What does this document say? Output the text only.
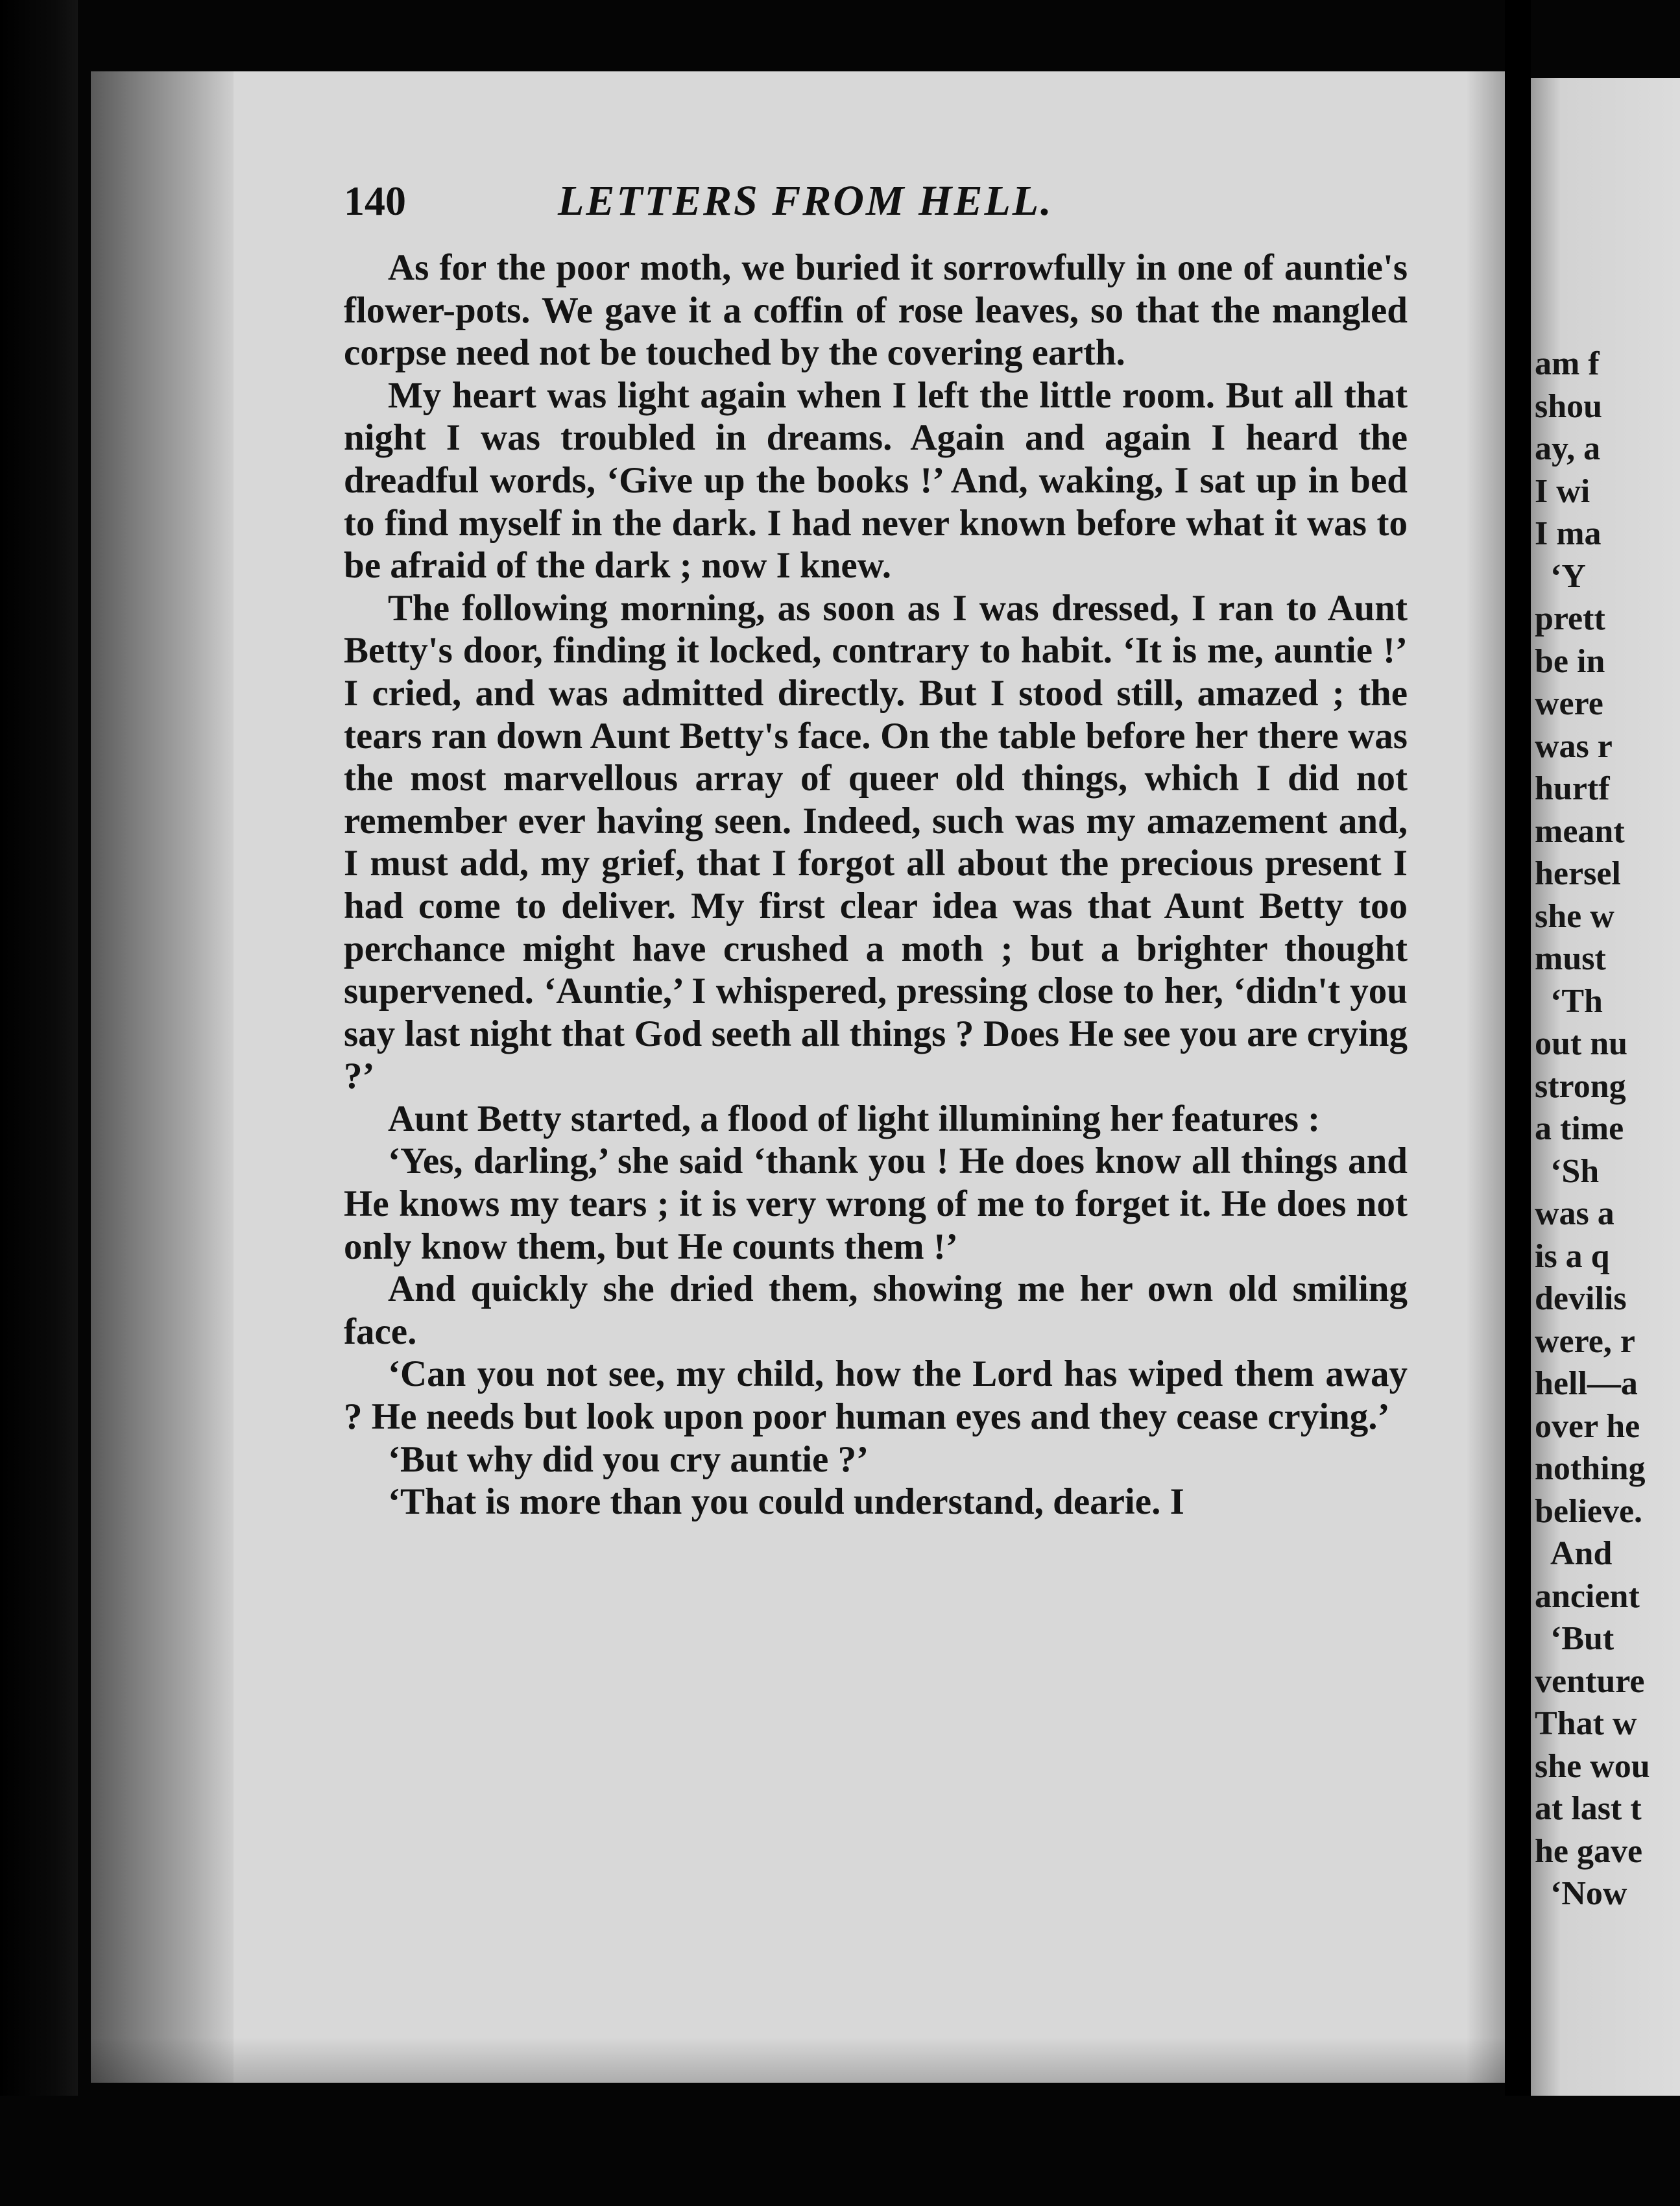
140	LETTERS FROM HELL.

As for the poor moth, we buried it sorrowfully in one of auntie's flower-pots. We gave it a coffin of rose leaves, so that the mangled corpse need not be touched by the covering earth.

My heart was light again when I left the little room. But all that night I was troubled in dreams. Again and again I heard the dreadful words, ‘Give up the books !’ And, waking, I sat up in bed to find myself in the dark. I had never known before what it was to be afraid of the dark ; now I knew.

The following morning, as soon as I was dressed, I ran to Aunt Betty's door, finding it locked, contrary to habit. ‘It is me, auntie !’ I cried, and was admitted directly. But I stood still, amazed ; the tears ran down Aunt Betty's face. On the table before her there was the most marvellous array of queer old things, which I did not remember ever having seen. Indeed, such was my amazement and, I must add, my grief, that I forgot all about the precious present I had come to deliver. My first clear idea was that Aunt Betty too perchance might have crushed a moth ; but a brighter thought supervened. ‘Auntie,’ I whispered, pressing close to her, ‘didn't you say last night that God seeth all things ? Does He see you are crying ?’

Aunt Betty started, a flood of light illumining her features :

‘Yes, darling,’ she said ‘thank you ! He does know all things and He knows my tears ; it is very wrong of me to forget it. He does not only know them, but He counts them !’

And quickly she dried them, showing me her own old smiling face.

‘Can you not see, my child, how the Lord has wiped them away ? He needs but look upon poor human eyes and they cease crying.’

‘But why did you cry auntie ?’

‘That is more than you could understand, dearie. I

am f
shou
ay, a
I wi
I ma
‘Y
prett
be in
were
was r
hurtf
meant
hersel
she w
must
‘Th
out nu
strong
a time
‘Sh
was a
is a q
devilis
were, r
hell—a
over he
nothing
believe.
And
ancient
‘But
venture
That w
she wou
at last t
he gave
‘Now
